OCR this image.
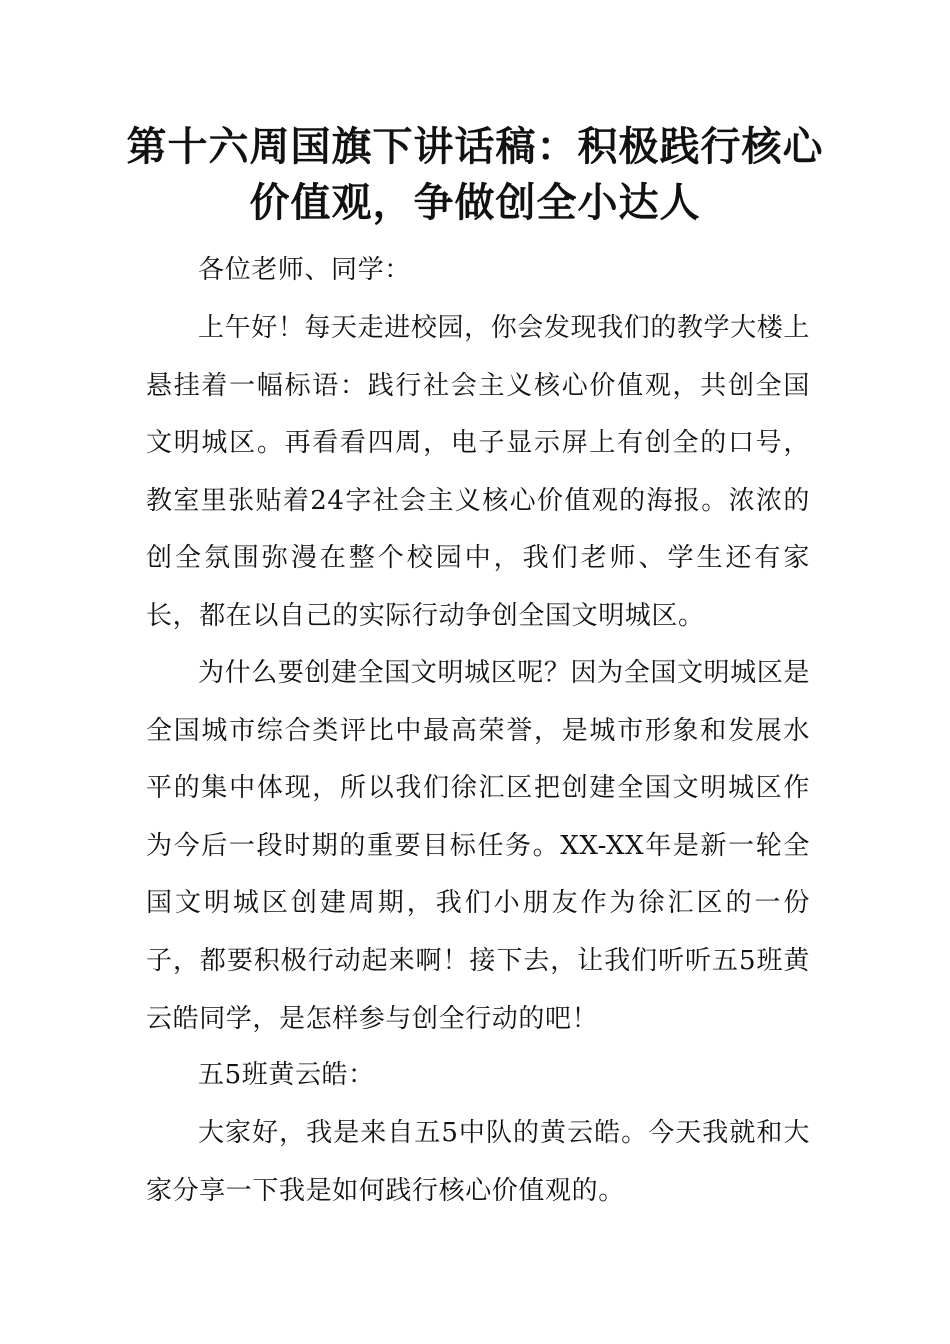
第十六周国旗下讲话稿：积极践行核心
价值观，争做创全小达人

各位老师、同学：

上午好！每天走进校园，你会发现我们的教学大楼上悬挂着一幅标语：践行社会主义核心价值观，共创全国文明城区。再看看四周，电子显示屏上有创全的口号，教室里张贴着24字社会主义核心价值观的海报。浓浓的创全氛围弥漫在整个校园中，我们老师、学生还有家长，都在以自己的实际行动争创全国文明城区。

为什么要创建全国文明城区呢？因为全国文明城区是全国城市综合类评比中最高荣誉，是城市形象和发展水平的集中体现，所以我们徐汇区把创建全国文明城区作为今后一段时期的重要目标任务。XX-XX年是新一轮全国文明城区创建周期，我们小朋友作为徐汇区的一份子，都要积极行动起来啊！接下去，让我们听听五5班黄云皓同学，是怎样参与创全行动的吧！

五5班黄云皓：

大家好，我是来自五5中队的黄云皓。今天我就和大家分享一下我是如何践行核心价值观的。
